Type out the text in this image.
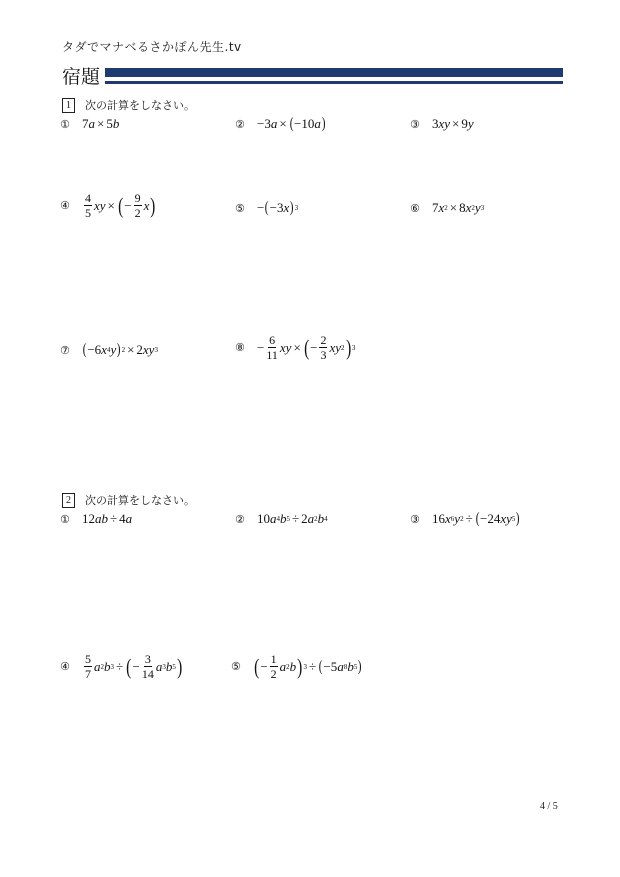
タダでマナベるさかぽん先生.tv
宿題
1	次の計算をしなさい。
① 7 a × 5 b	② −3 a × ( −10 a )	③ 3 xy × 9 y
④ $\frac{4}{5}$ xy × ( − $\frac{9}{2}$ x )	⑤ − ( −3 x ) 3	⑥ 7 x 2 × 8 x 2 y 3
⑦ ( −6 x 4 y ) 2 × 2 xy 3	⑧ − $\frac{6}{11}$ xy × ( − $\frac{2}{3}$ xy 2 ) 3
2	次の計算をしなさい。
① 12 ab ÷ 4 a	② 10 a 4 b 5 ÷ 2 a 2 b 4	③ 16 x 6 y 2 ÷ ( −24 xy 5 )
④ $\frac{5}{7}$ a 2 b 3 ÷ ( − $\frac{3}{14}$ a 3 b 5 )	⑤ ( − $\frac{1}{2}$ a 2 b ) 3 ÷ ( −5 a 8 b 5 )
4 / 5
